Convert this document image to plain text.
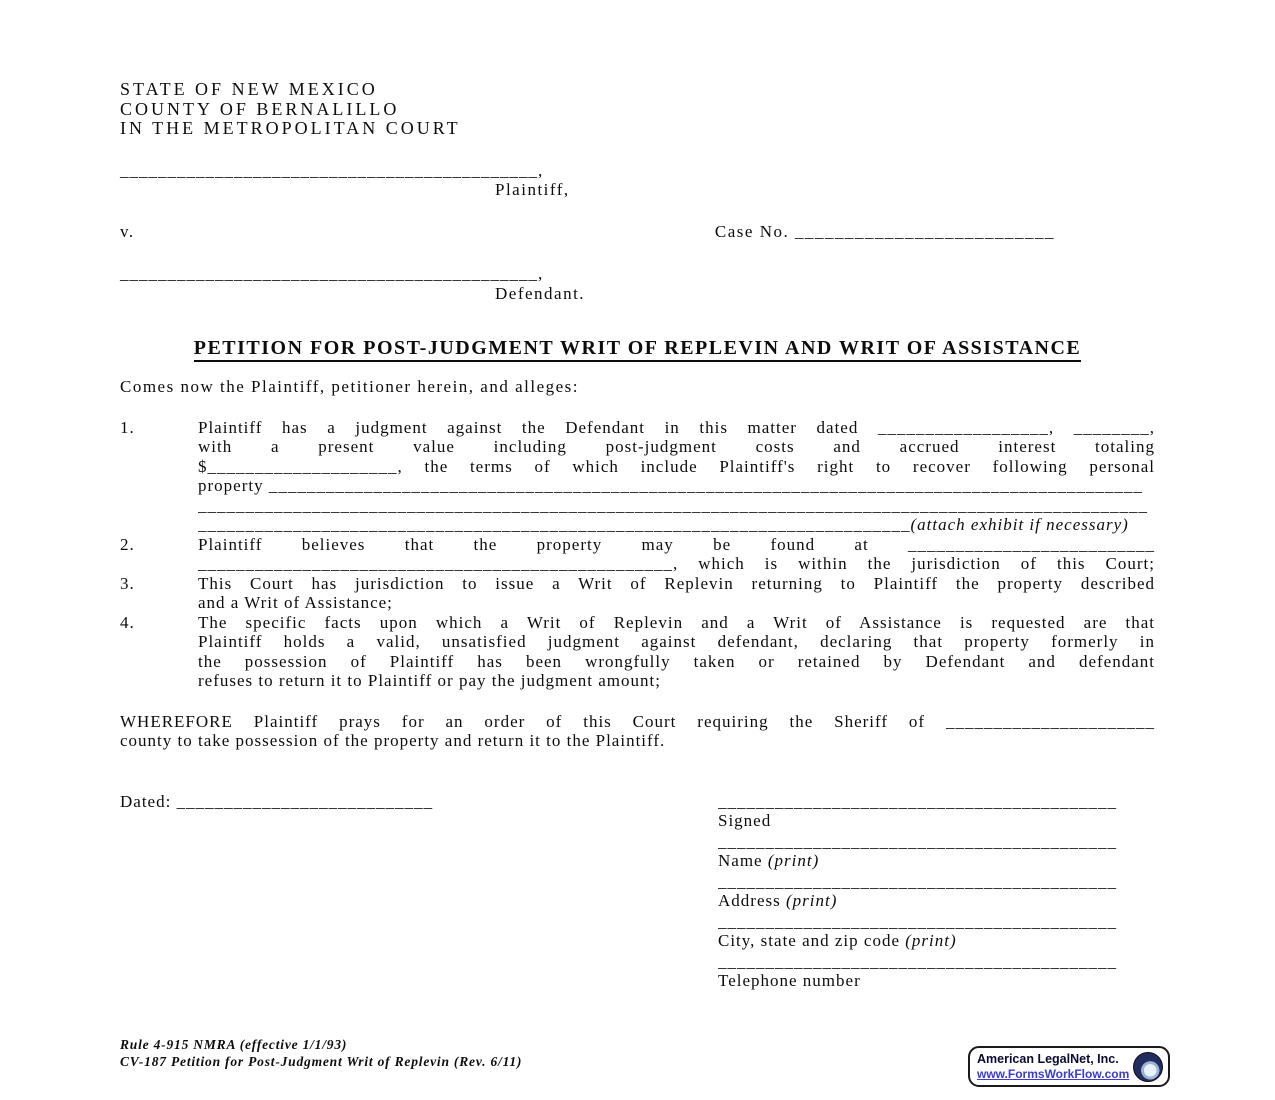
STATE OF NEW MEXICO
COUNTY OF BERNALILLO
IN THE METROPOLITAN COURT
____________________________________________,
Plaintiff,
v.	Case No. __________________________
____________________________________________,
Defendant.
PETITION FOR POST-JUDGMENT WRIT OF REPLEVIN AND WRIT OF ASSISTANCE
Comes now the Plaintiff, petitioner herein, and alleges:
1.	Plaintiff has a judgment against the Defendant in this matter dated __________________, ________,
with a present value including post-judgment costs and accrued interest totaling
$____________________, the terms of which include Plaintiff's right to recover following personal
property ____________________________________________________________________________________________
____________________________________________________________________________________________________
___________________________________________________________________________(attach exhibit if necessary)
2.	Plaintiff believes that the property may be found at __________________________
__________________________________________________, which is within the jurisdiction of this Court;
3.	This Court has jurisdiction to issue a Writ of Replevin returning to Plaintiff the property described
and a Writ of Assistance;
4.	The specific facts upon which a Writ of Replevin and a Writ of Assistance is requested are that
Plaintiff holds a valid, unsatisfied judgment against defendant, declaring that property formerly in
the possession of Plaintiff has been wrongfully taken or retained by Defendant and defendant
refuses to return it to Plaintiff or pay the judgment amount;
WHEREFORE Plaintiff prays for an order of this Court requiring the Sheriff of ______________________
county to take possession of the property and return it to the Plaintiff.
Dated: ___________________________	__________________________________________
Signed
__________________________________________
Name (print)
__________________________________________
Address (print)
__________________________________________
City, state and zip code (print)
__________________________________________
Telephone number
Rule 4-915 NMRA (effective 1/1/93)
CV-187 Petition for Post-Judgment Writ of Replevin (Rev. 6/11)	American LegalNet, Inc.
www.FormsWorkFlow.com
